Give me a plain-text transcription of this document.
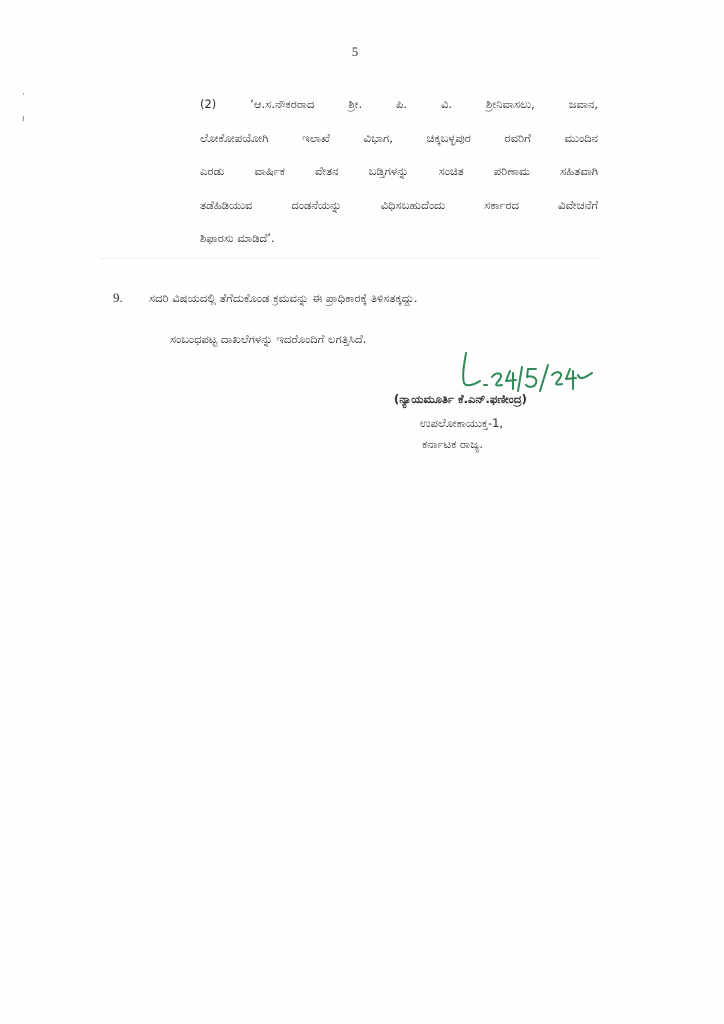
5
·
ı
(2) ‘ಆ.ಸ.ನೌಕರರಾದ ಶ್ರೀ. ಪಿ. ವಿ. ಶ್ರೀನಿವಾಸಲು, ಜವಾನ,
ಲೋಕೋಪಯೋಗಿ ಇಲಾಖೆ ವಿಭಾಗ, ಚಿಕ್ಕಬಳ್ಳಪುರ ರವರಿಗೆ ಮುಂದಿನ
ಎರಡು ವಾರ್ಷಿಕ ವೇತನ ಬಡ್ತಿಗಳನ್ನು ಸಂಚಿತ ಪರಿಣಾಮ ಸಹಿತವಾಗಿ
ತಡೆಹಿಡಿಯುವ ದಂಡನೆಯನ್ನು ವಿಧಿಸಬಹುದೆಂದು ಸರ್ಕಾರದ ವಿವೇಚನೆಗೆ
ಶಿಫಾರಸು ಮಾಡಿದೆ’.
9. ಸದರಿ ವಿಷಯದಲ್ಲಿ ತೆಗೆದುಕೊಂಡ ಕ್ರಮವನ್ನು ಈ ಪ್ರಾಧಿಕಾರಕ್ಕೆ ತಿಳಿಸತಕ್ಕದ್ದು.
ಸಂಬಂಧಪಟ್ಟ ದಾಖಲೆಗಳನ್ನು ಇದರೊಂದಿಗೆ ಲಗತ್ತಿಸಿದೆ.
(ನ್ಯಾಯಮೂರ್ತಿ ಕೆ.ಎನ್.ಫಣೀಂದ್ರ)
ಉಪಲೋಕಾಯುಕ್ತ-1,
ಕರ್ನಾಟಕ ರಾಜ್ಯ.
